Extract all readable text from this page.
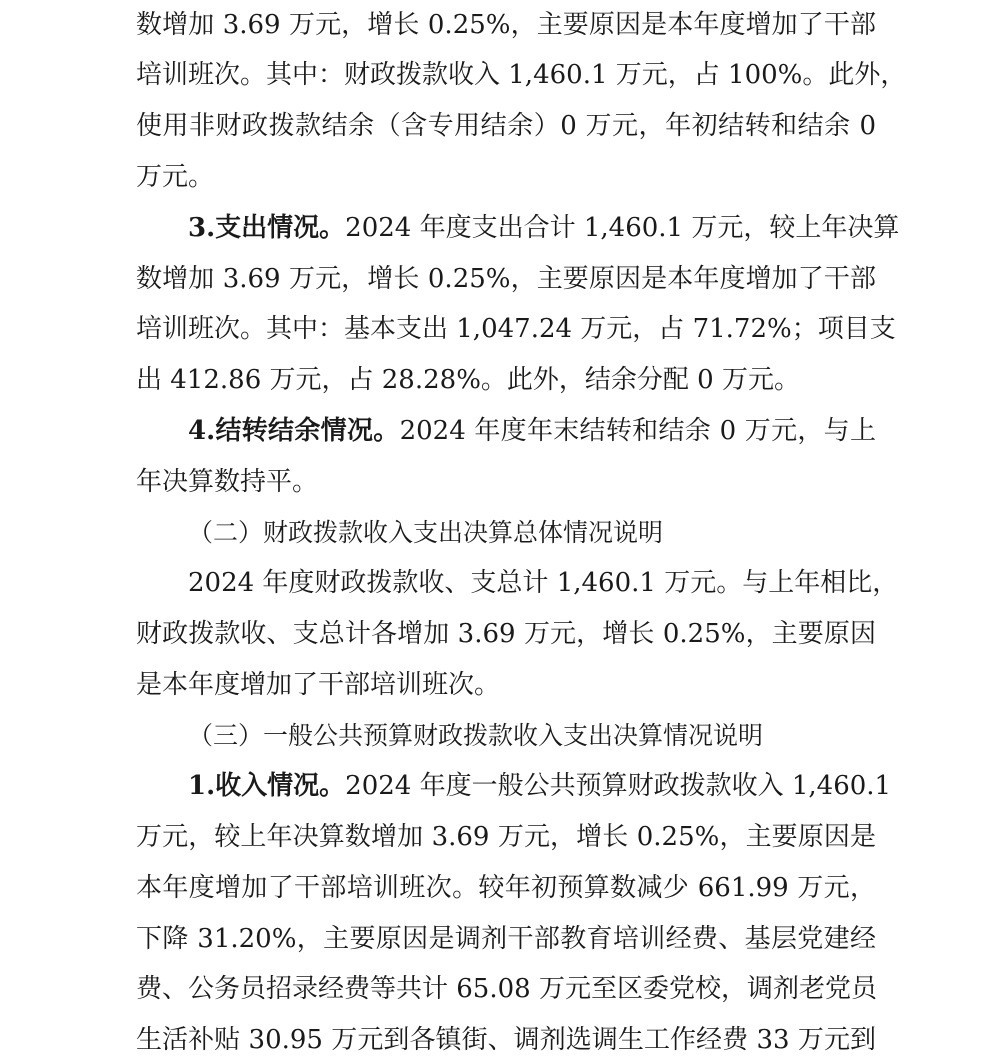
数增加 3.69 万元，增长 0.25%，主要原因是本年度增加了干部
培训班次。其中：财政拨款收入 1,460.1 万元，占 100%。此外，
使用非财政拨款结余（含专用结余）0 万元，年初结转和结余 0
万元。
3.支出情况。2024 年度支出合计 1,460.1 万元，较上年决算
数增加 3.69 万元，增长 0.25%，主要原因是本年度增加了干部
培训班次。其中：基本支出 1,047.24 万元，占 71.72%；项目支
出 412.86 万元，占 28.28%。此外，结余分配 0 万元。
4.结转结余情况。2024 年度年末结转和结余 0 万元，与上
年决算数持平。
（二）财政拨款收入支出决算总体情况说明
2024 年度财政拨款收、支总计 1,460.1 万元。与上年相比，
财政拨款收、支总计各增加 3.69 万元，增长 0.25%，主要原因
是本年度增加了干部培训班次。
（三）一般公共预算财政拨款收入支出决算情况说明
1.收入情况。2024 年度一般公共预算财政拨款收入 1,460.1
万元，较上年决算数增加 3.69 万元，增长 0.25%，主要原因是
本年度增加了干部培训班次。较年初预算数减少 661.99 万元，
下降 31.20%，主要原因是调剂干部教育培训经费、基层党建经
费、公务员招录经费等共计 65.08 万元至区委党校，调剂老党员
生活补贴 30.95 万元到各镇街、调剂选调生工作经费 33 万元到
